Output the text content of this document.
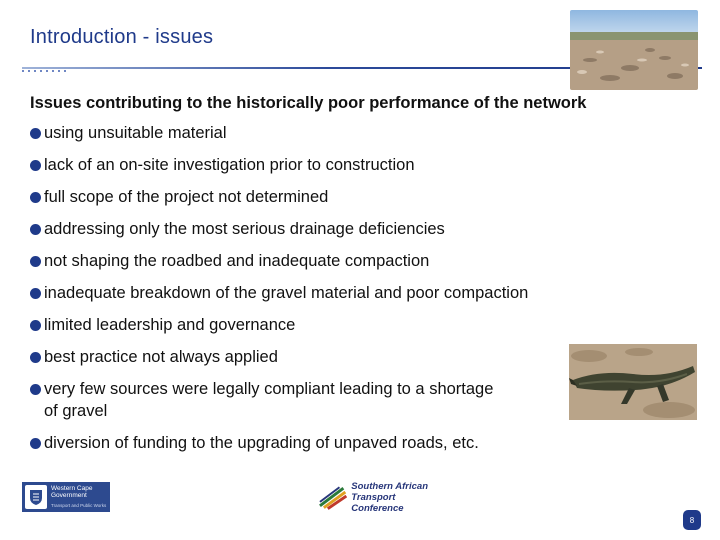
Introduction - issues
Issues contributing to the historically poor performance of the network
using unsuitable material
lack of an on-site investigation prior to construction
full scope of the project not determined
addressing only the most serious drainage deficiencies
not shaping the roadbed and inadequate compaction
inadequate breakdown of the gravel material and poor compaction
limited leadership and governance
best practice not always applied
very few sources were legally compliant leading to a shortage of gravel
diversion of funding to the upgrading of unpaved roads, etc.
Western Cape
Government
Transport and Public Works
Southern African
Transport Conference
8
